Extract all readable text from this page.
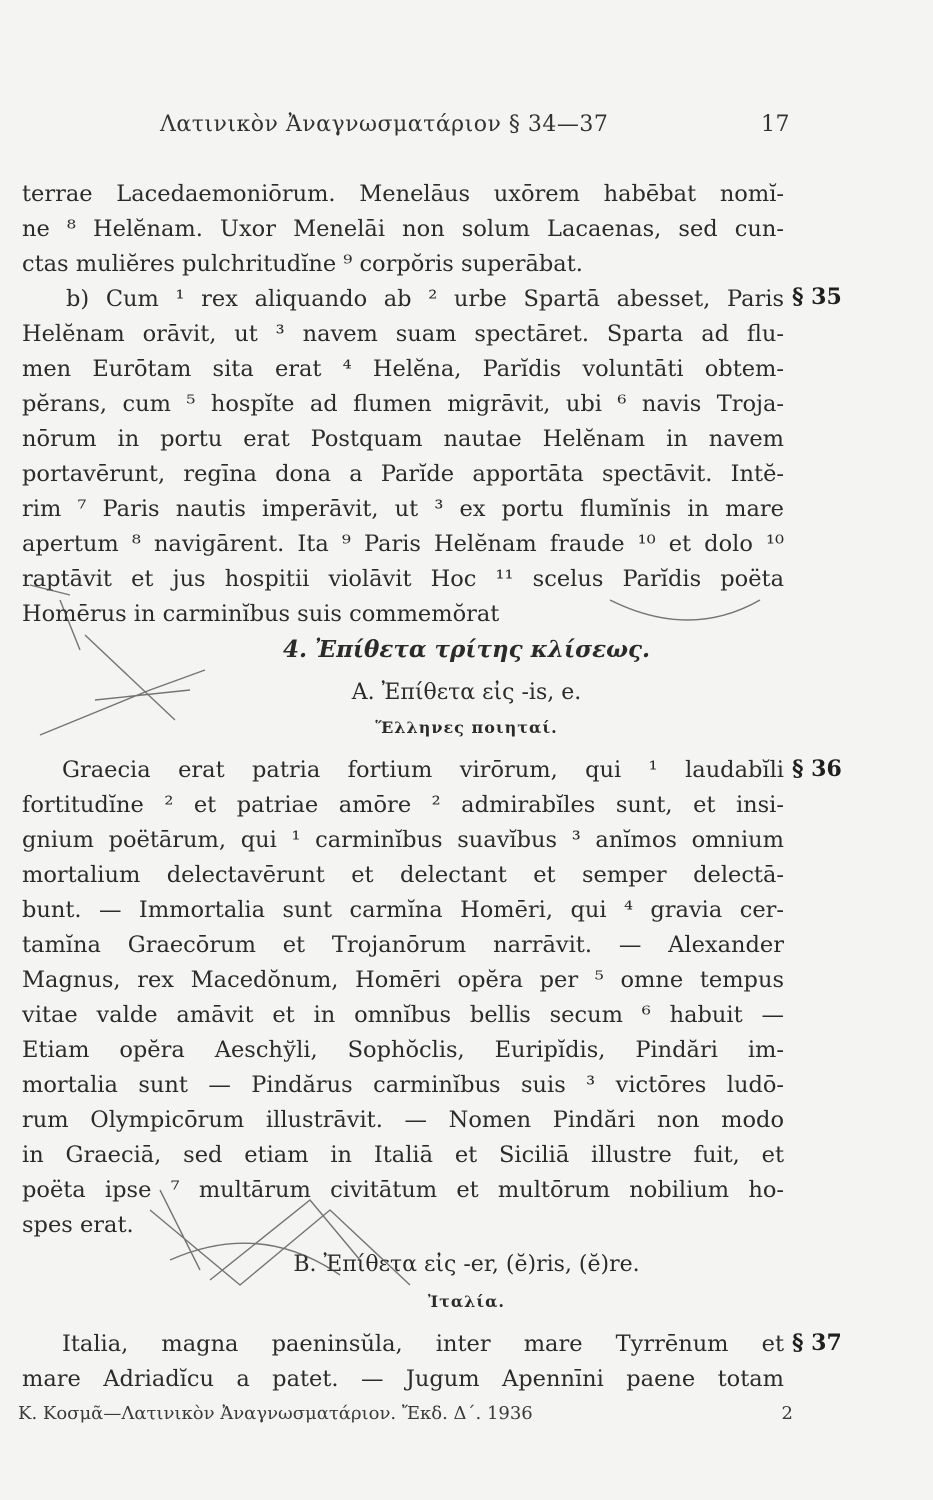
Λατινικὸν Ἀναγνωσματάριον § 34—37	17
terrae Lacedaemoniōrum. Menelāus uxōrem habēbat nomĭ-
ne ⁸ Helĕnam. Uxor Menelāi non solum Lacaenas, sed cun-
ctas muliĕres pulchritudĭne ⁹ corpŏris superābat.
b) Cum ¹ rex aliquando ab ² urbe Spartā abesset, Paris
Helĕnam orāvit, ut ³ navem suam spectāret. Sparta ad flu-
men Eurōtam sita erat ⁴ Helĕna, Parĭdis voluntāti obtem-
pĕrans, cum ⁵ hospĭte ad flumen migrāvit, ubi ⁶ navis Troja-
nōrum in portu erat Postquam nautae Helĕnam in navem
portavērunt, regīna dona a Parĭde apportāta spectāvit. Intĕ-
rim ⁷ Paris nautis imperāvit, ut ³ ex portu flumĭnis in mare
apertum ⁸ navigārent. Ita ⁹ Paris Helĕnam fraude ¹⁰ et dolo ¹⁰
raptāvit et jus hospitii violāvit Hoc ¹¹ scelus Parĭdis poëta
Homērus in carminĭbus suis commemŏrat
4. Ἐπίθετα τρίτης κλίσεως.
A. Ἐπίθετα εἰς -is, e.
Ἕλληνες ποιηταί.
Graecia erat patria fortium virōrum, qui ¹ laudabĭli
fortitudĭne ² et patriae amōre ² admirabĭles sunt, et insi-
gnium poëtārum, qui ¹ carminĭbus suavĭbus ³ anĭmos omnium
mortalium delectavērunt et delectant et semper delectā-
bunt. — Immortalia sunt carmĭna Homēri, qui ⁴ gravia cer-
tamĭna Graecōrum et Trojanōrum narrāvit. — Alexander
Magnus, rex Macedŏnum, Homēri opĕra per ⁵ omne tempus
vitae valde amāvit et in omnĭbus bellis secum ⁶ habuit —
Etiam opĕra Aeschўli, Sophŏclis, Euripĭdis, Pindări im-
mortalia sunt — Pindărus carminĭbus suis ³ victōres ludō-
rum Olympicōrum illustrāvit. — Nomen Pindări non modo
in Graeciā, sed etiam in Italiā et Siciliā illustre fuit, et
poëta ipse ⁷ multārum civitātum et multōrum nobilium ho-
spes erat.
B. Ἐπίθετα εἰς -er, (ĕ)ris, (ĕ)re.
Ἰταλία.
Italia, magna paeninsŭla, inter mare Tyrrēnum et
mare Adriadĭcu a patet. — Jugum Apennīni paene totam
§ 35
§ 36
§ 37
K. Κοσμᾶ—Λατινικὸν Ἀναγνωσματάριον. Ἔκδ. Δ΄. 1936	2
